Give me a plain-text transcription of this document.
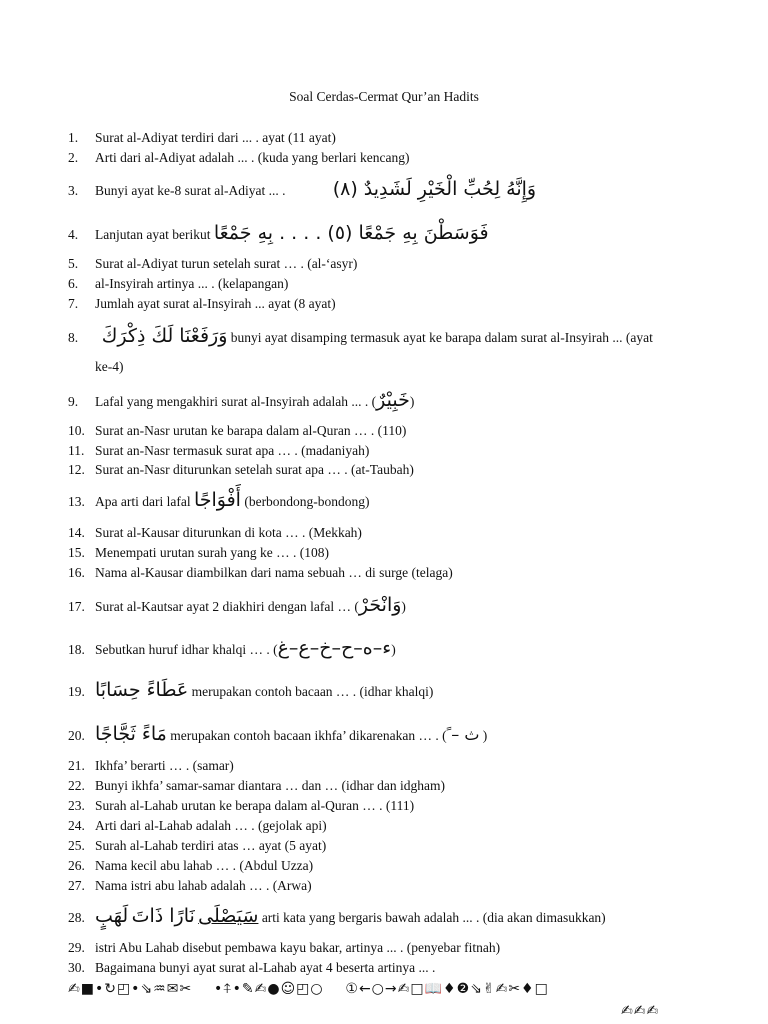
Soal Cerdas-Cermat Qur’an Hadits
1. Surat al-Adiyat terdiri dari ... . ayat (11 ayat)
2. Arti dari al-Adiyat adalah ... . (kuda yang berlari kencang)
3. Bunyi ayat ke-8 surat al-Adiyat ... . وَإِنَّهُ لِحُبِّ الْخَيْرِ لَشَدِيدٌ (٨)
4. Lanjutan ayat berikut فَوَسَطْنَ بِهِ جَمْعًا (٥) . . . . بِهِ جَمْعًا
5. Surat al-Adiyat turun setelah surat … . (al-‘asyr)
6. al-Insyirah artinya ... . (kelapangan)
7. Jumlah ayat surat al-Insyirah ... ayat (8 ayat)
8. وَرَفَعْنَا لَكَ ذِكْرَكَ bunyi ayat disamping termasuk ayat ke barapa dalam surat al-Insyirah ... (ayat
ke-4)
9. Lafal yang mengakhiri surat al-Insyirah adalah ... . (خَبِيْرٌ)
10. Surat an-Nasr urutan ke barapa dalam al-Quran … . (110)
11. Surat an-Nasr termasuk surat apa … . (madaniyah)
12. Surat an-Nasr diturunkan setelah surat apa … . (at-Taubah)
13. Apa arti dari lafal أَفْوَاجًا (berbondong-bondong)
14. Surat al-Kausar diturunkan di kota … . (Mekkah)
15. Menempati urutan surah yang ke … . (108)
16. Nama al-Kausar diambilkan dari nama sebuah … di surge (telaga)
17. Surat al-Kautsar ayat 2 diakhiri dengan lafal … (وَانْحَرْ)
18. Sebutkan huruf idhar khalqi … . (ء–ه–ح–خ–ع–غ)
19. عَطَاءً حِسَابًا merupakan contoh bacaan … . (idhar khalqi)
20. مَاءً ثَجَّاجًا merupakan contoh bacaan ikhfa’ dikarenakan … . (ث – ً )
21. Ikhfa’ berarti … . (samar)
22. Bunyi ikhfa’ samar-samar diantara … dan … (idhar dan idgham)
23. Surah al-Lahab urutan ke berapa dalam al-Quran … . (111)
24. Arti dari al-Lahab adalah … . (gejolak api)
25. Surah al-Lahab terdiri atas … ayat (5 ayat)
26. Nama kecil abu lahab … . (Abdul Uzza)
27. Nama istri abu lahab adalah … . (Arwa)
28. لَهَبٍ نَارًا ذَاتَ سَيَصْلَى arti kata yang bergaris bawah adalah ... . (dia akan dimasukkan)
29. istri Abu Lahab disebut pembawa kayu bakar, artinya ... . (penyebar fitnah)
30. Bagaimana bunyi ayat surat al-Lahab ayat 4 beserta artinya ... .
✍■•↻◰•⇘♒✉✂    •⍏•✎✍●☺◰○    ①←○→✍□📖♦❷⇘✌✍✂♦□
✍✍✍
